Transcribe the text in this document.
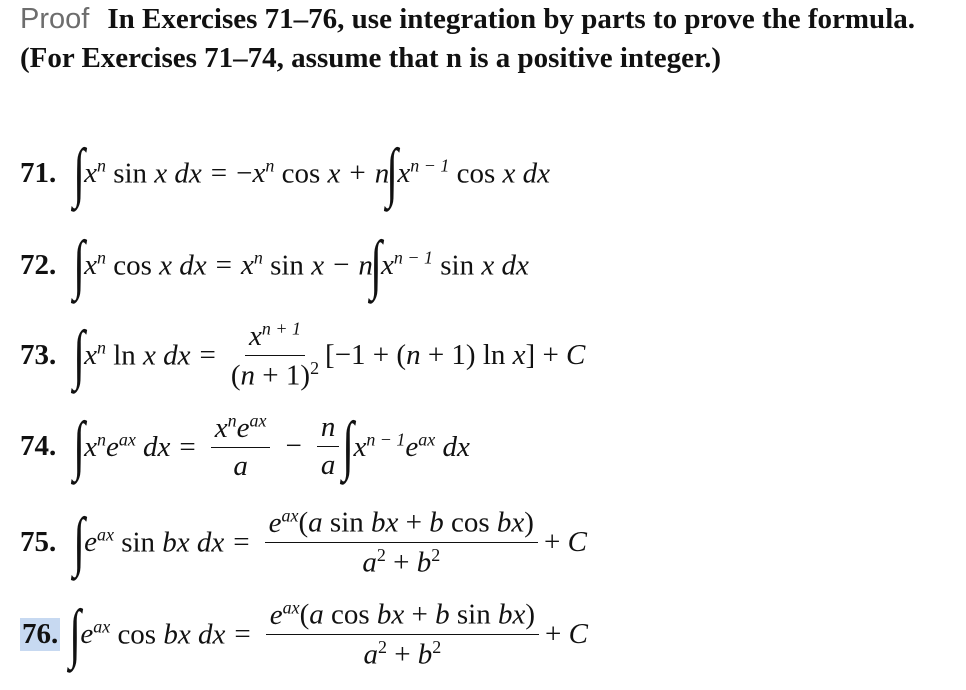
Proof In Exercises 71–76, use integration by parts to prove the formula. (For Exercises 71–74, assume that n is a positive integer.)
71. ∫ $x^n$ sin x dx = $-x^n$ cos x + n
∫ $x^{n - 1}$ cos x dx
72. ∫ $x^n$ cos x dx = $x^n$ sin x − n
∫ $x^{n - 1}$ sin x dx
73. ∫ $x^n$ ln x dx = $\frac{x^{n + 1}}{(n + 1)^2} [-1 + (n + 1)$ ln x] + C
74. ∫ $x^ne^{ax}$ dx = $\frac{x^ne^{ax}}{a} - \frac{n}{a}$ ∫ $x^{n - 1}e^{ax}$ dx
75. ∫ $e^{ax}$ sin bx dx = $\frac{e^{ax}(a \sin bx + b \cos bx)}{a^2 + b^2} + C$
76. ∫ $e^{ax}$ cos bx dx = $\frac{e^{ax}(a \cos bx + b \sin bx)}{a^2 + b^2} + C$
